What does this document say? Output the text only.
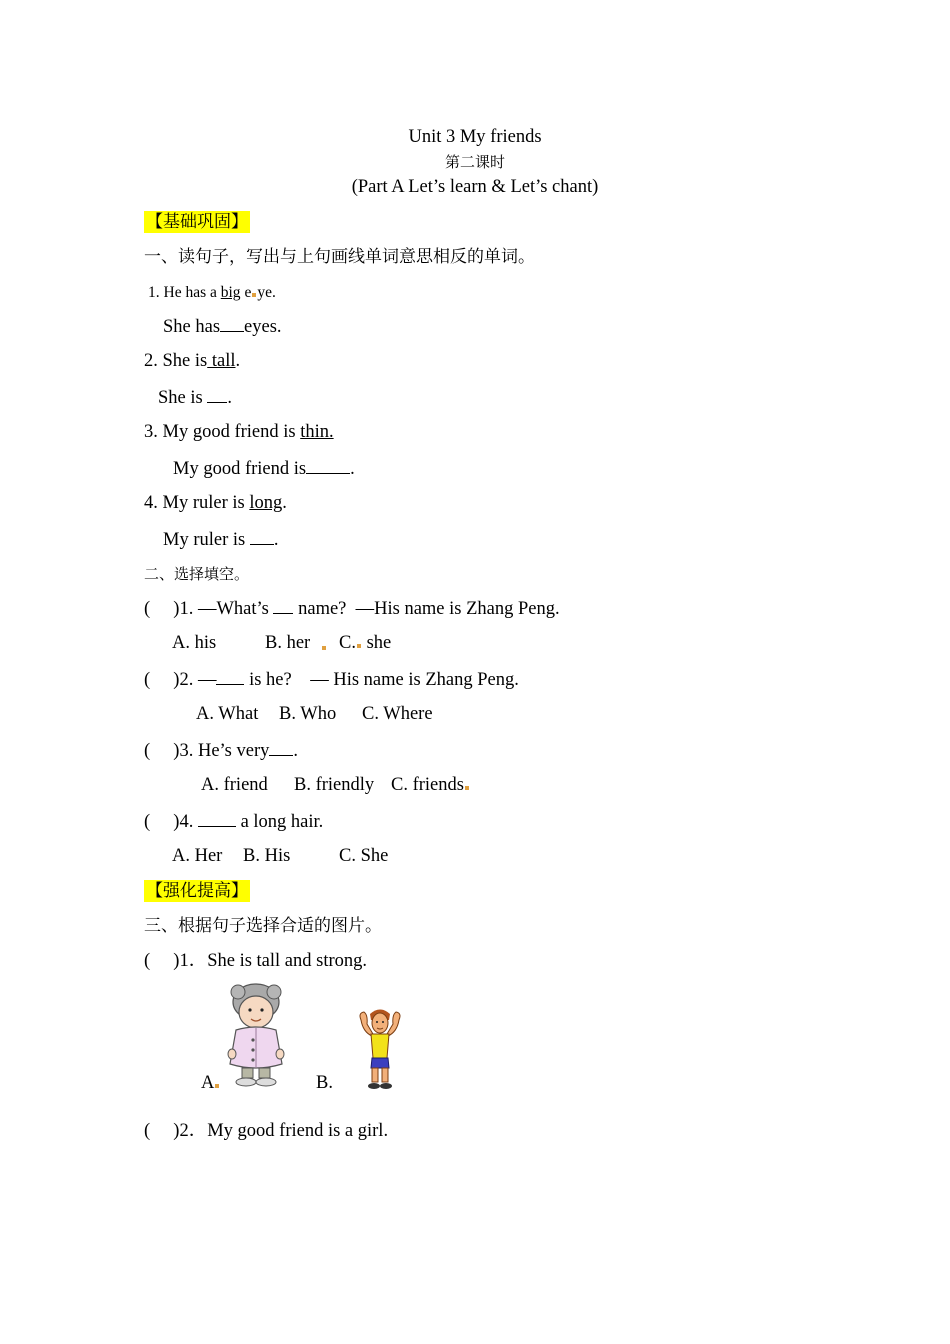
Unit 3 My friends
第二课时
(Part A Let’s learn & Let’s chant)
【基础巩固】
一、读句子，写出与上句画线单词意思相反的单词。
1. He has a big e ye.
She has eyes.
2. She is tall.
She is .
3. My good friend is thin.
My good friend is .
4. My ruler is long.
My ruler is .
二、选择填空。
(     )1. —What’s  name?  —His name is Zhang Peng.
A. his	B. her C. she
(     )2. — is he?    — His name is Zhang Peng.
A. What B. Who C. Where
(     )3. He’s very .
A. friend B. friendly C. friends
(     )4.  a long hair.
A. Her B. His	C. She
【强化提高】
三、根据句子选择合适的图片。
(     )1．She is tall and strong.
A	B.
(     )2．My good friend is a girl.
